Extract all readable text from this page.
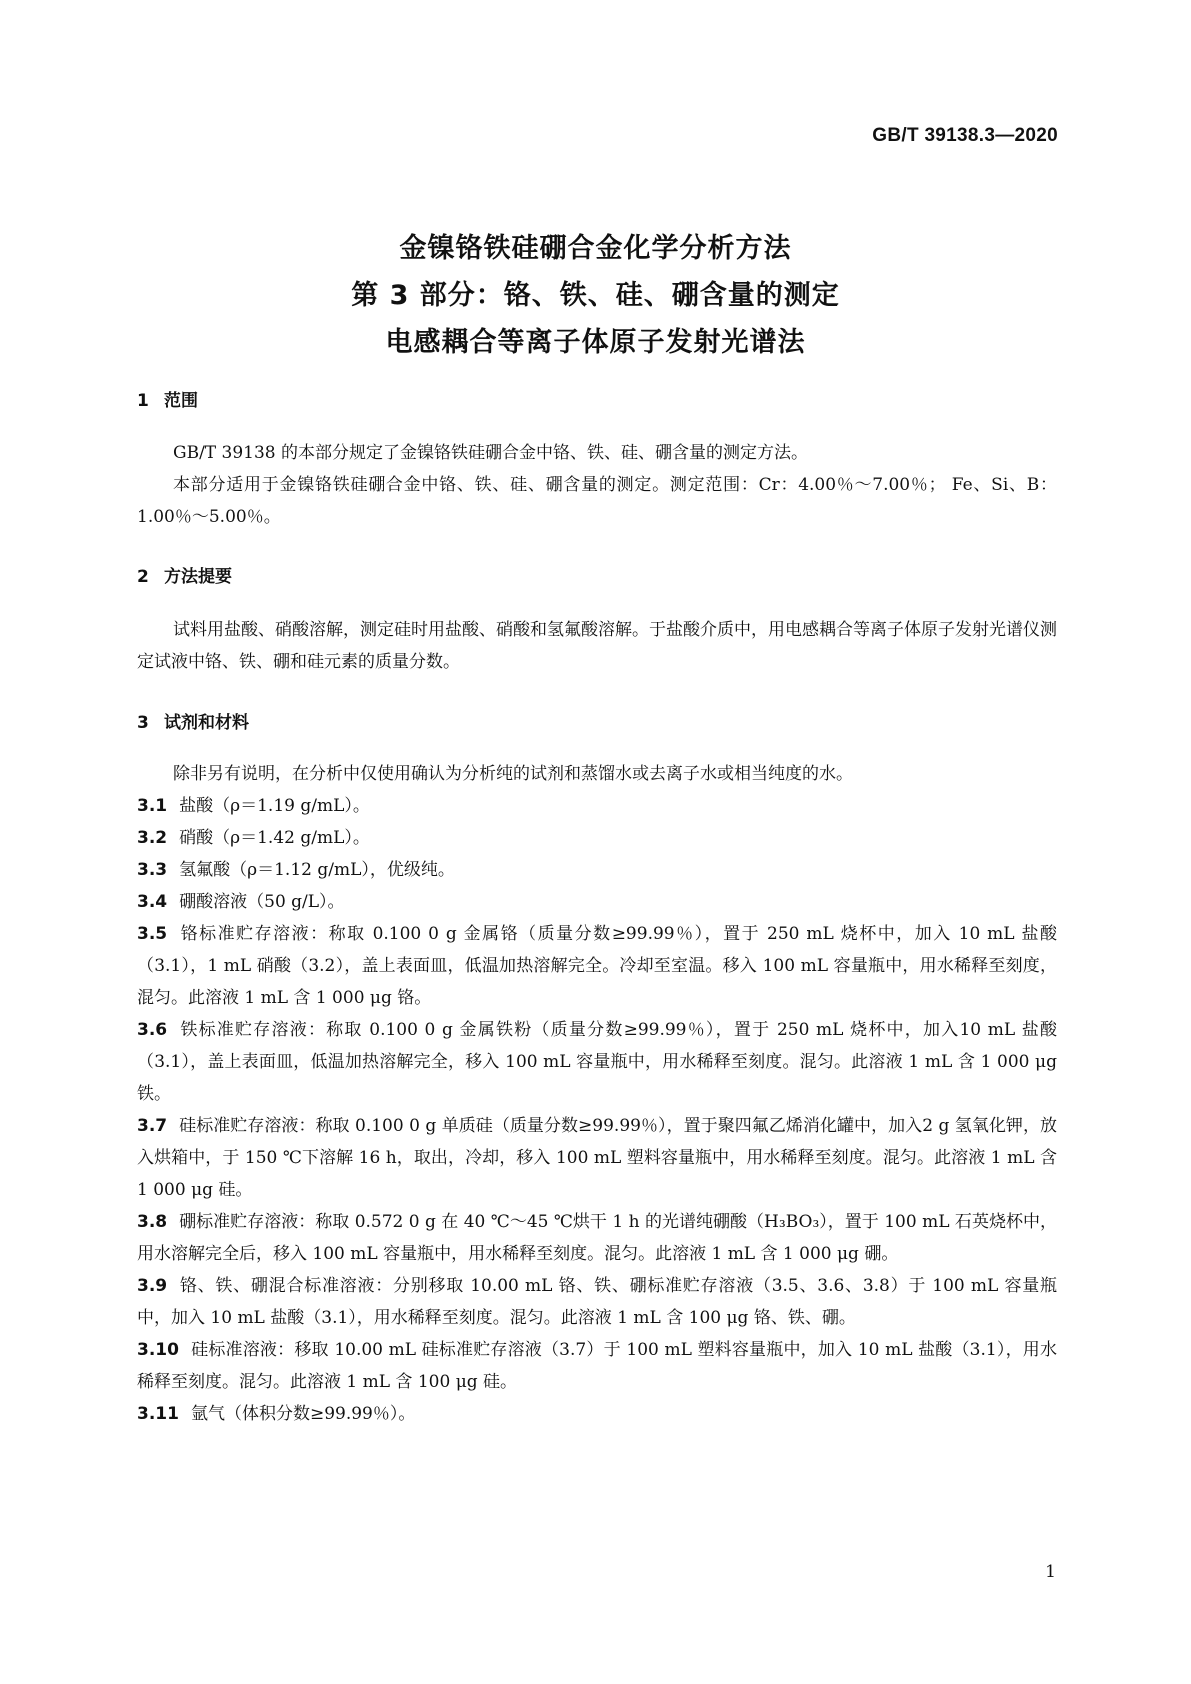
GB/T 39138.3—2020
金镍铬铁硅硼合金化学分析方法
第 3 部分：铬、铁、硅、硼含量的测定
电感耦合等离子体原子发射光谱法
1 范围
GB/T 39138 的本部分规定了金镍铬铁硅硼合金中铬、铁、硅、硼含量的测定方法。
本部分适用于金镍铬铁硅硼合金中铬、铁、硅、硼含量的测定。测定范围：Cr：4.00％～7.00％； Fe、Si、B：1.00％～5.00％。
2 方法提要
试料用盐酸、硝酸溶解，测定硅时用盐酸、硝酸和氢氟酸溶解。于盐酸介质中，用电感耦合等离子体原子发射光谱仪测定试液中铬、铁、硼和硅元素的质量分数。
3 试剂和材料
除非另有说明，在分析中仅使用确认为分析纯的试剂和蒸馏水或去离子水或相当纯度的水。
3.1 盐酸（ρ＝1.19 g/mL）。
3.2 硝酸（ρ＝1.42 g/mL）。
3.3 氢氟酸（ρ＝1.12 g/mL），优级纯。
3.4 硼酸溶液（50 g/L）。
3.5 铬标准贮存溶液：称取 0.100 0 g 金属铬（质量分数≥99.99％），置于 250 mL 烧杯中，加入 10 mL 盐酸（3.1），1 mL 硝酸（3.2），盖上表面皿，低温加热溶解完全。冷却至室温。移入 100 mL 容量瓶中，用水稀释至刻度，混匀。此溶液 1 mL 含 1 000 μg 铬。
3.6 铁标准贮存溶液：称取 0.100 0 g 金属铁粉（质量分数≥99.99％），置于 250 mL 烧杯中，加入10 mL 盐酸（3.1），盖上表面皿，低温加热溶解完全，移入 100 mL 容量瓶中，用水稀释至刻度。混匀。此溶液 1 mL 含 1 000 μg 铁。
3.7 硅标准贮存溶液：称取 0.100 0 g 单质硅（质量分数≥99.99％），置于聚四氟乙烯消化罐中，加入2 g 氢氧化钾，放入烘箱中，于 150 ℃下溶解 16 h，取出，冷却，移入 100 mL 塑料容量瓶中，用水稀释至刻度。混匀。此溶液 1 mL 含 1 000 μg 硅。
3.8 硼标准贮存溶液：称取 0.572 0 g 在 40 ℃～45 ℃烘干 1 h 的光谱纯硼酸（H₃BO₃），置于 100 mL 石英烧杯中，用水溶解完全后，移入 100 mL 容量瓶中，用水稀释至刻度。混匀。此溶液 1 mL 含 1 000 μg 硼。
3.9 铬、铁、硼混合标准溶液：分别移取 10.00 mL 铬、铁、硼标准贮存溶液（3.5、3.6、3.8）于 100 mL 容量瓶中，加入 10 mL 盐酸（3.1），用水稀释至刻度。混匀。此溶液 1 mL 含 100 μg 铬、铁、硼。
3.10 硅标准溶液：移取 10.00 mL 硅标准贮存溶液（3.7）于 100 mL 塑料容量瓶中，加入 10 mL 盐酸（3.1），用水稀释至刻度。混匀。此溶液 1 mL 含 100 μg 硅。
3.11 氩气（体积分数≥99.99％）。
1
